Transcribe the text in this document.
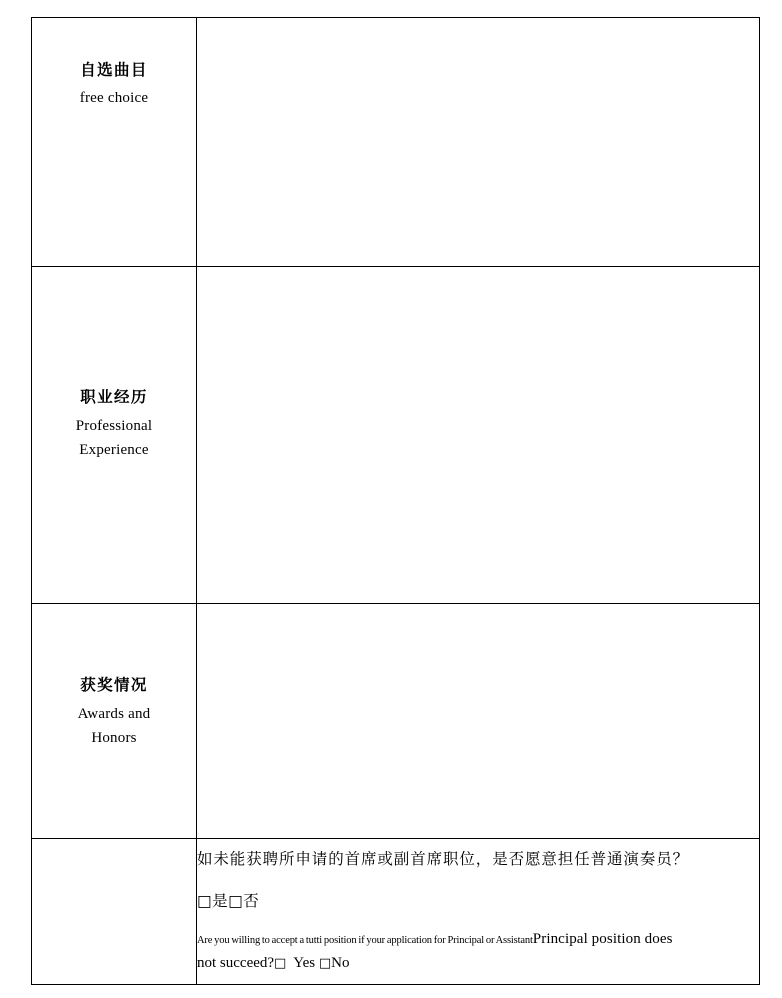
自选曲目
free choice	

职业经历
Professional
Experience	

获奖情况
Awards and
Honors	

	如未能获聘所申请的首席或副首席职位，是否愿意担任普通演奏员？
□是□否
Are you willing to accept a tutti position if your application for Principal or AssistantPrincipal position does
not succeed?□ Yes □No
